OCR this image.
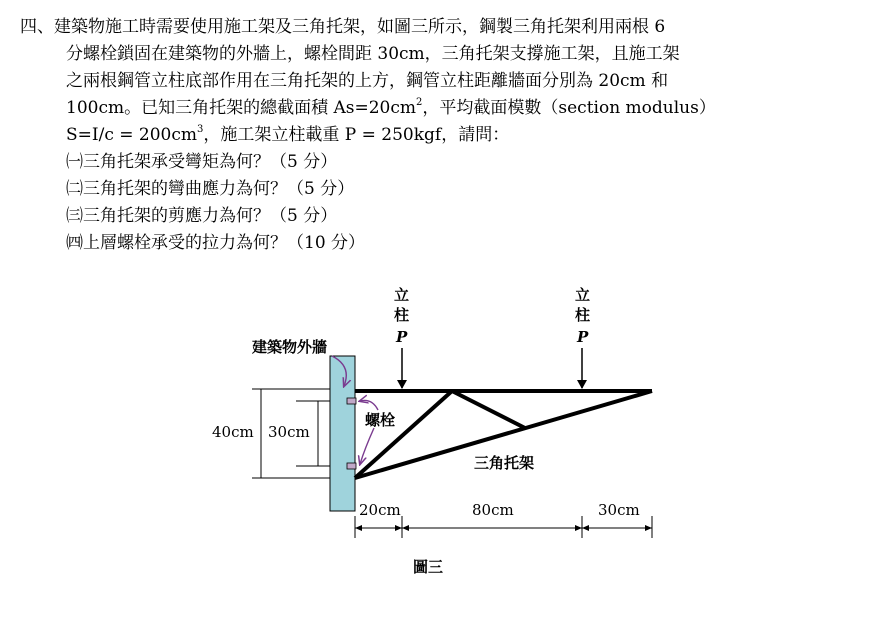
四、建築物施工時需要使用施工架及三角托架，如圖三所示，鋼製三角托架利用兩根 6
分螺栓鎖固在建築物的外牆上，螺栓間距 30cm，三角托架支撐施工架，且施工架
之兩根鋼管立柱底部作用在三角托架的上方，鋼管立柱距離牆面分別為 20cm 和
100cm。已知三角托架的總截面積 $As=20cm^2$，平均截面模數（section modulus）
$S=I/c = 200cm^3$，施工架立柱載重 P = 250kgf，請問：
㈠三角托架承受彎矩為何？（5 分）
㈡三角托架的彎曲應力為何？（5 分）
㈢三角托架的剪應力為何？（5 分）
㈣上層螺栓承受的拉力為何？（10 分）
建築物外牆
螺栓
立
柱
P
立
柱
P
三角托架
40cm 30cm
20cm	80cm	30cm
圖三
